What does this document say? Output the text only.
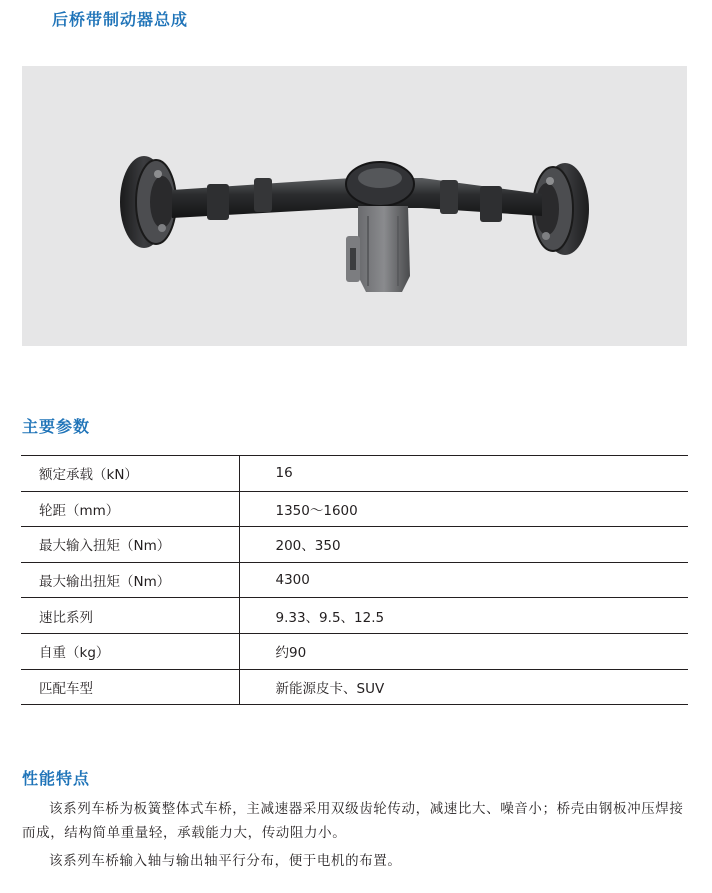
后桥带制动器总成
主要参数
额定承载（kN）	16
轮距（mm）	1350～1600
最大输入扭矩（Nm）	200、350
最大输出扭矩（Nm）	4300
速比系列	9.33、9.5、12.5
自重（kg）	约90
匹配车型	新能源皮卡、SUV
性能特点

该系列车桥为板簧整体式车桥，主减速器采用双级齿轮传动，减速比大、噪音小；桥壳由钢板冲压焊接而成，结构简单重量轻，承载能力大，传动阻力小。

该系列车桥输入轴与输出轴平行分布，便于电机的布置。
